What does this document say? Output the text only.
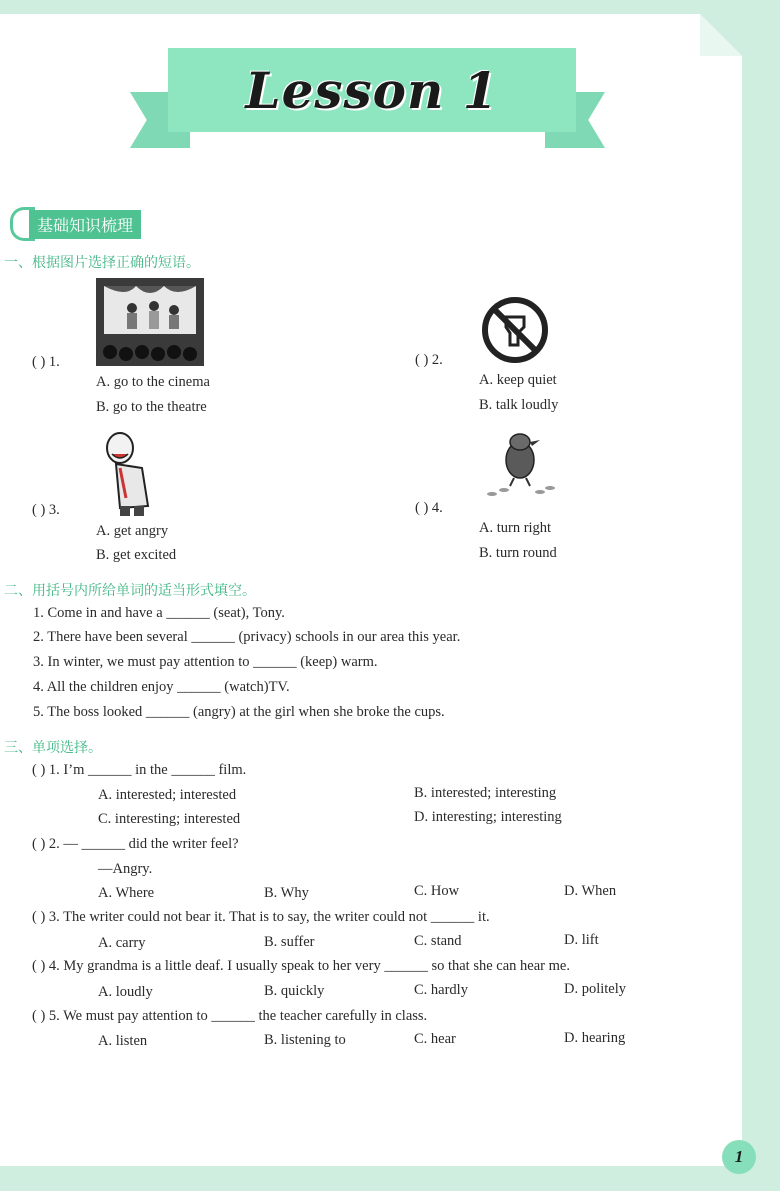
Lesson 1
基础知识梳理
一、根据图片选择正确的短语。
( ) 1.
A. go to the cinema
B. go to the theatre
( ) 2.
A. keep quiet
B. talk loudly
( ) 3.
A. get angry
B. get excited
( ) 4.
A. turn right
B. turn round
二、用括号内所给单词的适当形式填空。
1. Come in and have a ______ (seat), Tony.
2. There have been several ______ (privacy) schools in our area this year.
3. In winter, we must pay attention to ______ (keep) warm.
4. All the children enjoy ______ (watch)TV.
5. The boss looked ______ (angry) at the girl when she broke the cups.
三、单项选择。
( ) 1. I’m ______ in the ______ film.
A. interested; interested	B. interested; interesting
C. interesting; interested	D. interesting; interesting
( ) 2. — ______ did the writer feel?
—Angry.
A. Where	B. Why	C. How	D. When
( ) 3. The writer could not bear it. That is to say, the writer could not ______ it.
A. carry	B. suffer	C. stand	D. lift
( ) 4. My grandma is a little deaf. I usually speak to her very ______ so that she can hear me.
A. loudly	B. quickly	C. hardly	D. politely
( ) 5. We must pay attention to ______ the teacher carefully in class.
A. listen	B. listening to	C. hear	D. hearing
1
